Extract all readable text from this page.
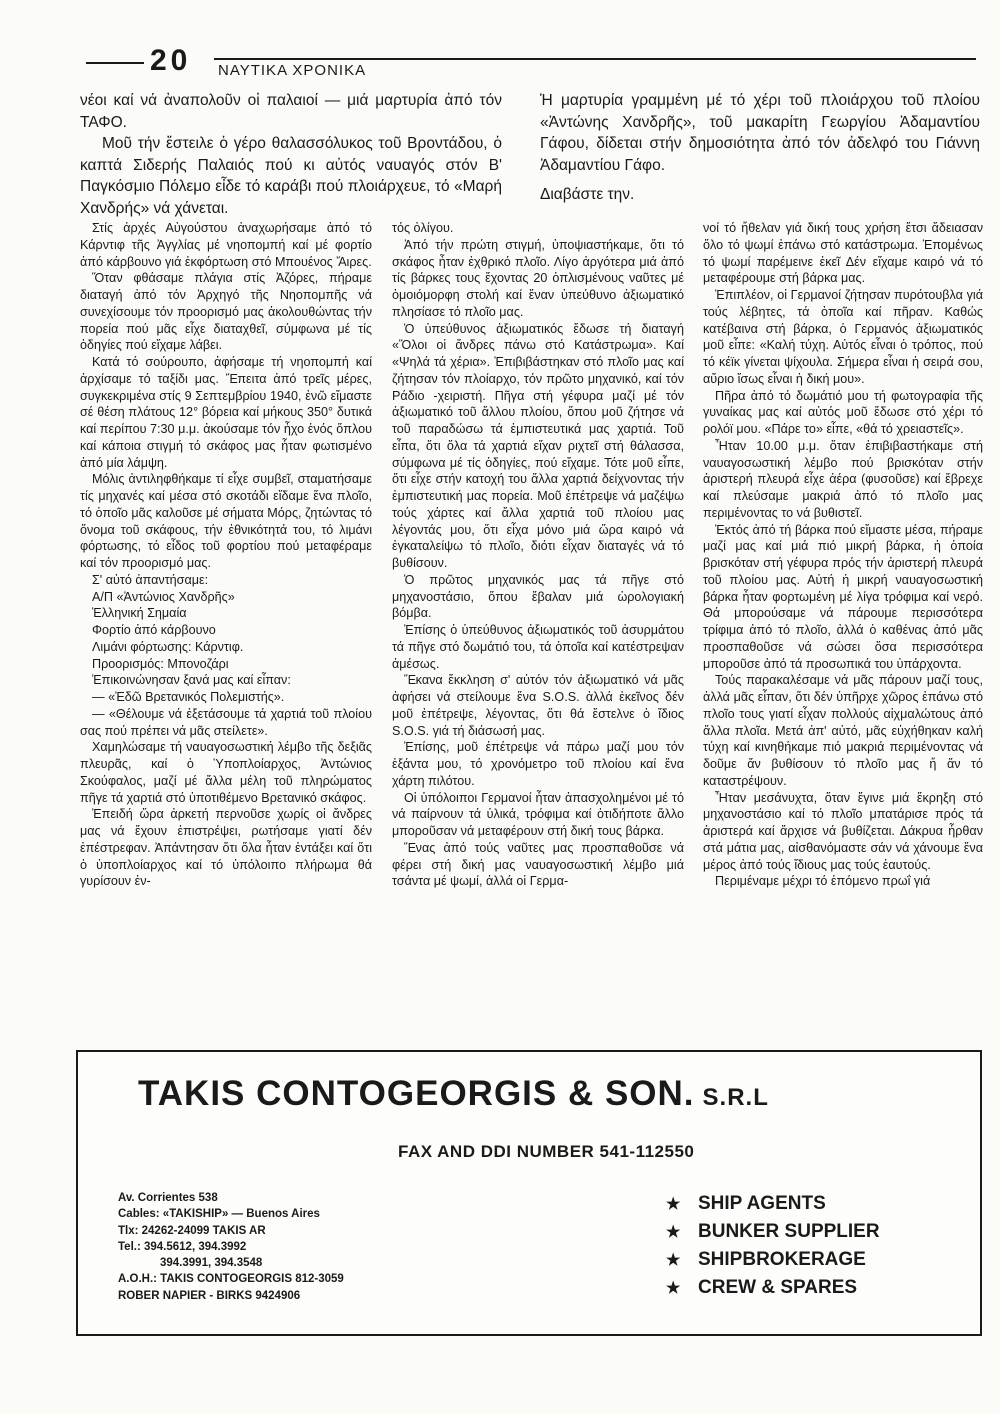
20 ΝΑΥΤΙΚΑ ΧΡΟΝΙΚΑ

νέοι καί νά ἀναπολοῦν οἱ παλαιοί — μιά μαρτυρία ἀπό τόν ΤΑΦΟ.

Μοῦ τήν ἔστειλε ὁ γέρο θαλασσόλυκος τοῦ Βροντάδου, ὁ καπτά Σιδερής Παλαιός πού κι αὐτός ναυαγός στόν Β' Παγκόσμιο Πόλεμο εἶδε τό καράβι πού πλοιάρχευε, τό «Μαρή Χανδρής» νά χάνεται.

Ἡ μαρτυρία γραμμένη μέ τό χέρι τοῦ πλοιάρχου τοῦ πλοίου «Ἀντώνης Χανδρῆς», τοῦ μακαρίτη Γεωργίου Ἀδαμαντίου Γάφου, δίδεται στήν δημοσιότητα ἀπό τόν ἀδελφό του Γιάννη Ἀδαμαντίου Γάφο.

Διαβάστε την.

Στίς ἀρχές Αὐγούστου ἀναχωρήσαμε ἀπό τό Κάρντιφ τῆς Ἀγγλίας μέ νηοπομπή καί μέ φορτίο ἀπό κάρβουνο γιά ἐκφόρτωση στό Μπουένος Ἄιρες.

Ὅταν φθάσαμε πλάγια στίς Ἀζόρες, πήραμε διαταγή ἀπό τόν Ἀρχηγό τῆς Νηοπομπῆς νά συνεχίσουμε τόν προορισμό μας ἀκολουθώντας τήν πορεία πού μᾶς εἶχε διαταχθεῖ, σύμφωνα μέ τίς ὁδηγίες πού εἴχαμε λάβει.

Κατά τό σούρουπο, ἀφήσαμε τή νηοπομπή καί ἀρχίσαμε τό ταξίδι μας. Ἔπειτα ἀπό τρεῖς μέρες, συγκεκριμένα στίς 9 Σεπτεμβρίου 1940, ἐνῶ εἴμαστε σέ θέση πλάτους 12° βόρεια καί μήκους 350° δυτικά καί περίπου 7:30 μ.μ. ἀκούσαμε τόν ἦχο ἑνός ὅπλου καί κάποια στιγμή τό σκάφος μας ἦταν φωτισμένο ἀπό μία λάμψη.

Μόλις ἀντιληφθήκαμε τί εἶχε συμβεῖ, σταματήσαμε τίς μηχανές καί μέσα στό σκοτάδι εἴδαμε ἕνα πλοῖο, τό ὁποῖο μᾶς καλοῦσε μέ σήματα Μόρς, ζητώντας τό ὄνομα τοῦ σκάφους, τήν ἐθνικότητά του, τό λιμάνι φόρτωσης, τό εἶδος τοῦ φορτίου πού μεταφέραμε καί τόν προορισμό μας.

Σ' αὐτό ἀπαντήσαμε:

Α/Π «Ἀντώνιος Χανδρῆς»

Ἑλληνική Σημαία

Φορτίο ἀπό κάρβουνο

Λιμάνι φόρτωσης: Κάρντιφ.

Προορισμός: Μπονοζάρι

Ἐπικοινώνησαν ξανά μας καί εἶπαν:

— «Ἐδῶ Βρετανικός Πολεμιστής».

— «Θέλουμε νά ἐξετάσουμε τά χαρτιά τοῦ πλοίου σας πού πρέπει νά μᾶς στείλετε».

Χαμηλώσαμε τή ναυαγοσωστική λέμβο τῆς δεξιᾶς πλευρᾶς, καί ὁ Ὑποπλοίαρχος, Ἀντώνιος Σκούφαλος, μαζί μέ ἄλλα μέλη τοῦ πληρώματος πῆγε τά χαρτιά στό ὑποτιθέμενο Βρετανικό σκάφος.

Ἐπειδή ὥρα ἀρκετή περνοῦσε χωρίς οἱ ἄνδρες μας νά ἔχουν ἐπιστρέψει, ρωτήσαμε γιατί δέν ἐπέστρεφαν. Ἀπάντησαν ὅτι ὅλα ἦταν ἐντάξει καί ὅτι ὁ ὑποπλοίαρχος καί τό ὑπόλοιπο πλήρωμα θά γυρίσουν ἐν-

τός ὀλίγου.

Ἀπό τήν πρώτη στιγμή, ὑποψιαστήκαμε, ὅτι τό σκάφος ἦταν ἐχθρικό πλοῖο. Λίγο ἀργότερα μιά ἀπό τίς βάρκες τους ἔχοντας 20 ὁπλισμένους ναῦτες μέ ὁμοιόμορφη στολή καί ἕναν ὑπεύθυνο ἀξιωματικό πλησίασε τό πλοῖο μας.

Ὁ ὑπεύθυνος ἀξιωματικός ἔδωσε τή διαταγή «Ὅλοι οἱ ἄνδρες πάνω στό Κατάστρωμα». Καί «Ψηλά τά χέρια». Ἐπιβιβάστηκαν στό πλοῖο μας καί ζήτησαν τόν πλοίαρχο, τόν πρῶτο μηχανικό, καί τόν Ράδιο -χειριστή. Πῆγα στή γέφυρα μαζί μέ τόν ἀξιωματικό τοῦ ἄλλου πλοίου, ὅπου μοῦ ζήτησε νά τοῦ παραδώσω τά ἐμπιστευτικά μας χαρτιά. Τοῦ εἶπα, ὅτι ὅλα τά χαρτιά εἴχαν ριχτεῖ στή θάλασσα, σύμφωνα μέ τίς ὁδηγίες, πού εἴχαμε. Τότε μοῦ εἶπε, ὅτι εἶχε στήν κατοχή του ἄλλα χαρτιά δείχνοντας τήν ἐμπιστευτική μας πορεία. Μοῦ ἐπέτρεψε νά μαζέψω τούς χάρτες καί ἄλλα χαρτιά τοῦ πλοίου μας λέγοντάς μου, ὅτι εἶχα μόνο μιά ὥρα καιρό νά ἐγκαταλείψω τό πλοῖο, διότι εἶχαν διαταγές νά τό βυθίσουν.

Ὁ πρῶτος μηχανικός μας τά πῆγε στό μηχανοστάσιο, ὅπου ἔβαλαν μιά ὡρολογιακή βόμβα.

Ἐπίσης ὁ ὑπεύθυνος ἀξιωματικός τοῦ ἀσυρμάτου τά πῆγε στό δωμάτιό του, τά ὁποῖα καί κατέστρεψαν ἀμέσως.

Ἔκανα ἔκκληση σ' αὐτόν τόν ἀξιωματικό νά μᾶς ἀφήσει νά στείλουμε ἕνα S.O.S. ἀλλά ἐκεῖνος δέν μοῦ ἐπέτρεψε, λέγοντας, ὅτι θά ἔστελνε ὁ ἴδιος S.O.S. γιά τή διάσωσή μας.

Ἐπίσης, μοῦ ἐπέτρεψε νά πάρω μαζί μου τόν ἑξάντα μου, τό χρονόμετρο τοῦ πλοίου καί ἕνα χάρτη πιλότου.

Οἱ ὑπόλοιποι Γερμανοί ἦταν ἀπασχολημένοι μέ τό νά παίρνουν τά ὑλικά, τρόφιμα καί ὁτιδήποτε ἄλλο μποροῦσαν νά μεταφέρουν στή δική τους βάρκα.

Ἕνας ἀπό τούς ναῦτες μας προσπαθοῦσε νά φέρει στή δική μας ναυαγοσωστική λέμβο μιά τσάντα μέ ψωμί, ἀλλά οἱ Γερμα-

νοί τό ἤθελαν γιά δική τους χρήση ἔτσι ἄδειασαν ὅλο τό ψωμί ἐπάνω στό κατάστρωμα. Ἐπομένως τό ψωμί παρέμεινε ἐκεῖ Δέν εἴχαμε καιρό νά τό μεταφέρουμε στή βάρκα μας.

Ἐπιπλέον, οἱ Γερμανοί ζήτησαν πυρότουβλα γιά τούς λέβητες, τά ὁποῖα καί πῆραν. Καθώς κατέβαινα στή βάρκα, ὁ Γερμανός ἀξιωματικός μοῦ εἶπε: «Καλή τύχη. Αὐτός εἶναι ὁ τρόπος, πού τό κέϊκ γίνεται ψίχουλα. Σήμερα εἶναι ἡ σειρά σου, αὔριο ἴσως εἶναι ἡ δική μου».

Πῆρα ἀπό τό δωμάτιό μου τή φωτογραφία τῆς γυναίκας μας καί αὐτός μοῦ ἔδωσε στό χέρι τό ρολόϊ μου. «Πάρε το» εἶπε, «θά τό χρειαστεῖς».

Ἦταν 10.00 μ.μ. ὅταν ἐπιβιβαστήκαμε στή ναυαγοσωστική λέμβο πού βρισκόταν στήν ἀριστερή πλευρά εἶχε ἀέρα (φυσοῦσε) καί ἔβρεχε καί πλεύσαμε μακριά ἀπό τό πλοῖο μας περιμένοντας το νά βυθιστεῖ.

Ἐκτός ἀπό τή βάρκα πού εἴμαστε μέσα, πήραμε μαζί μας καί μιά πιό μικρή βάρκα, ἡ ὁποία βρισκόταν στή γέφυρα πρός τήν ἀριστερή πλευρά τοῦ πλοίου μας. Αὐτή ἡ μικρή ναυαγοσωστική βάρκα ἦταν φορτωμένη μέ λίγα τρόφιμα καί νερό. Θά μπορούσαμε νά πάρουμε περισσότερα τρίφιμα ἀπό τό πλοῖο, ἀλλά ὁ καθένας ἀπό μᾶς προσπαθοῦσε νά σώσει ὅσα περισσότερα μποροῦσε ἀπό τά προσωπικά του ὑπάρχοντα.

Τούς παρακαλέσαμε νά μᾶς πάρουν μαζί τους, ἀλλά μᾶς εἶπαν, ὅτι δέν ὑπῆρχε χῶρος ἐπάνω στό πλοῖο τους γιατί εἶχαν πολλούς αἰχμαλώτους ἀπό ἄλλα πλοῖα. Μετά ἀπ' αὐτό, μᾶς εὐχήθηκαν καλή τύχη καί κινηθήκαμε πιό μακριά περιμένοντας νά δοῦμε ἄν βυθίσουν τό πλοῖο μας ἤ ἄν τό καταστρέψουν.

Ἦταν μεσάνυχτα, ὅταν ἔγινε μιά ἔκρηξη στό μηχανοστάσιο καί τό πλοῖο μπατάρισε πρός τά ἀριστερά καί ἄρχισε νά βυθίζεται. Δάκρυα ἦρθαν στά μάτια μας, αἰσθανόμαστε σάν νά χάνουμε ἕνα μέρος ἀπό τούς ἴδιους μας τούς ἑαυτούς.

Περιμέναμε μέχρι τό ἑπόμενο πρωΐ γιά

TAKIS CONTOGEORGIS & SON. S.R.L
FAX AND DDI NUMBER 541-112550
Av. Corrientes 538
Cables: «TAKISHIP» — Buenos Aires
Tlx: 24262-24099 TAKIS AR
Tel.: 394.5612, 394.3992
394.3991, 394.3548
A.O.H.: TAKIS CONTOGEORGIS 812-3059
ROBER NAPIER - BIRKS 9424906
★ SHIP AGENTS
★ BUNKER SUPPLIER
★ SHIPBROKERAGE
★ CREW & SPARES
